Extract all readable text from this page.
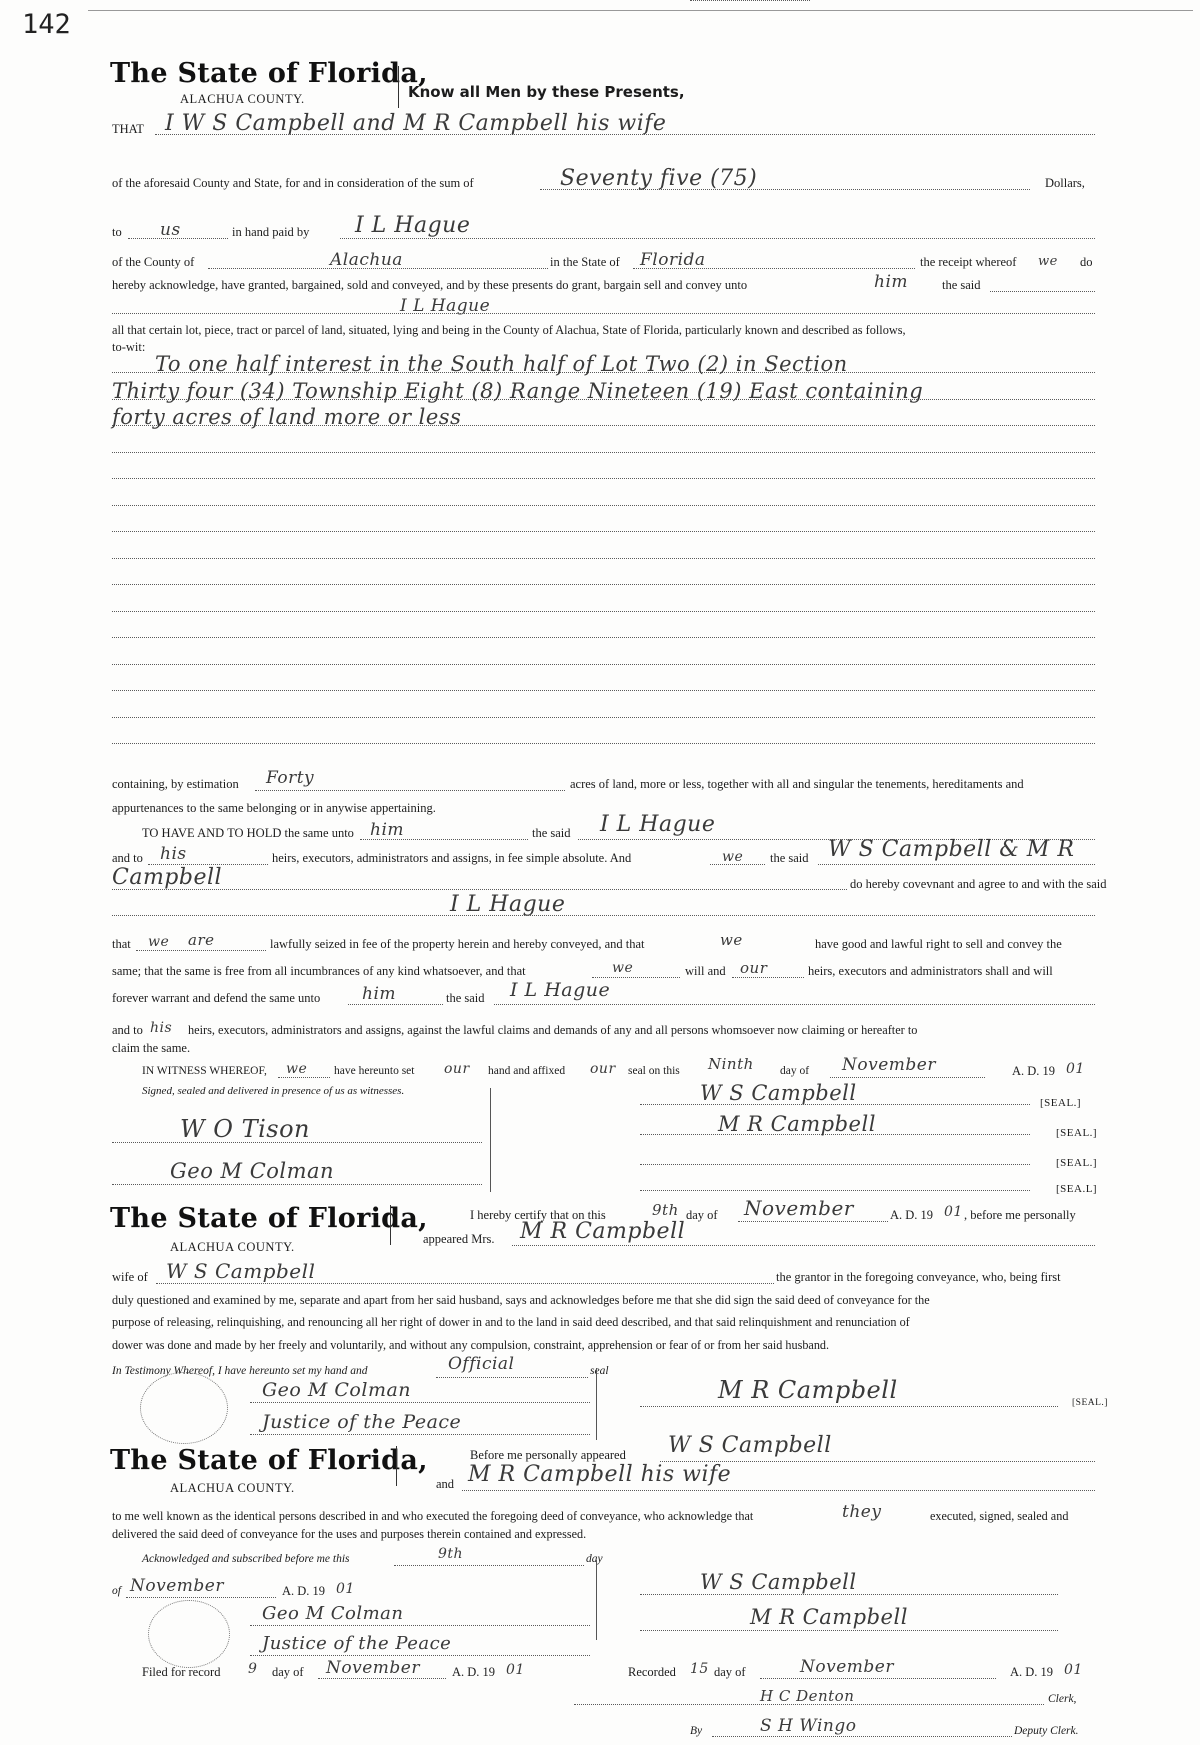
142
The State of Florida,
ALACHUA COUNTY.	Know all Men by these Presents,
THAT I W S Campbell and M R Campbell his wife
of the aforesaid County and State, for and in consideration of the sum of	Seventy five (75)	Dollars,
to us	in hand paid by I L Hague
of the County of	Alachua	in the State of Florida	the receipt whereof we do
hereby acknowledge, have granted, bargained, sold and conveyed, and by these presents do grant, bargain sell and convey unto	him	the said
I L Hague
all that certain lot, piece, tract or parcel of land, situated, lying and being in the County of Alachua, State of Florida, particularly known and described as follows,
to-wit:
To one half interest in the South half of Lot Two (2) in Section
Thirty four (34) Township Eight (8) Range Nineteen (19) East containing
forty acres of land more or less
containing, by estimation Forty	acres of land, more or less, together with all and singular the tenements, hereditaments and
appurtenances to the same belonging or in anywise appertaining.
TO HAVE AND TO HOLD the same unto him	the said I L Hague
and to his	heirs, executors, administrators and assigns, in fee simple absolute. And	we the said W S Campbell & M R
Campbell	do hereby covevnant and agree to and with the said
I L Hague
that we are	lawfully seized in fee of the property herein and hereby conveyed, and that	we	have good and lawful right to sell and convey the
same; that the same is free from all incumbrances of any kind whatsoever, and that	we	will and our	heirs, executors and administrators shall and will
forever warrant and defend the same unto him	the said I L Hague
and to his heirs, executors, administrators and assigns, against the lawful claims and demands of any and all persons whomsoever now claiming or hereafter to
claim the same.
IN WITNESS WHEREOF, we have hereunto set our hand and affixed our seal on this Ninth day of November	A. D. 19 01
Signed, sealed and delivered in presence of us as witnesses.
W O Tison
Geo M Colman
W S Campbell	[SEAL.]
M R Campbell	[SEAL.]
[SEAL.]
[SEA.L]
The State of Florida,
ALACHUA COUNTY.
I hereby certify that on this	9th day of November	A. D. 19 01 , before me personally
appeared Mrs. M R Campbell
wife of W S Campbell	the grantor in the foregoing conveyance, who, being first
duly questioned and examined by me, separate and apart from her said husband, says and acknowledges before me that she did sign the said deed of conveyance for the
purpose of releasing, relinquishing, and renouncing all her right of dower in and to the land in said deed described, and that said relinquishment and renunciation of
dower was done and made by her freely and voluntarily, and without any compulsion, constraint, apprehension or fear of or from her said husband.
In Testimony Whereof, I have hereunto set my hand and	Official	seal
Geo M Colman
Justice of the Peace
M R Campbell	[SEAL.]
The State of Florida,
ALACHUA COUNTY.
Before me personally appeared W S Campbell
and M R Campbell his wife
to me well known as the identical persons described in and who executed the foregoing deed of conveyance, who acknowledge that	they	executed, signed, sealed and
delivered the said deed of conveyance for the uses and purposes therein contained and expressed.
Acknowledged and subscribed before me this	9th	day
of November	A. D. 19 01
Geo M Colman
Justice of the Peace
W S Campbell
M R Campbell
Filed for record 9 day of November	A. D. 19 01	Recorded 15 day of	November	A. D. 19 01
H C Denton	Clerk,
By	S H Wingo	Deputy Clerk.
